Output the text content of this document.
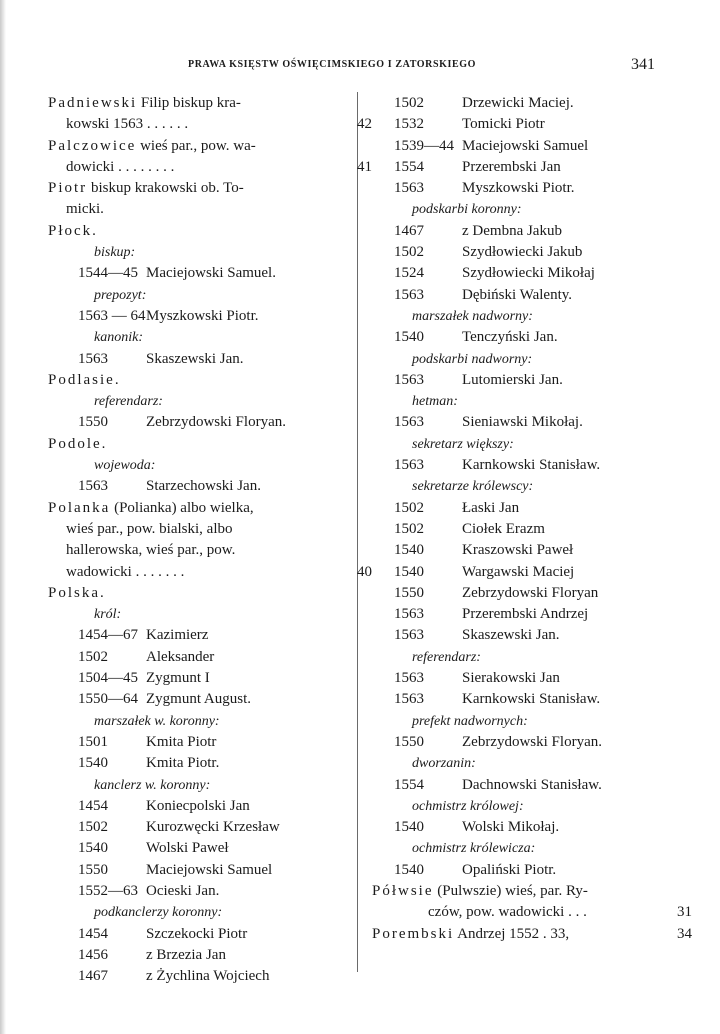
PRAWA KSIĘSTW OŚWIĘCIMSKIEGO I ZATORSKIEGO	341
Padniewski Filip biskup kra-
kowski 1563 . . . . . .	42
Palczowice wieś par., pow. wa-
dowicki . . . . . . . .	41
Piotr biskup krakowski ob. To-
micki.
Płock.
biskup:
1544—45 Maciejowski Samuel.
prepozyt:
1563 — 64Myszkowski Piotr.
kanonik:
1563	Skaszewski Jan.
Podlasie.
referendarz:
1550	Zebrzydowski Floryan.
Podole.
wojewoda:
1563	Starzechowski Jan.
Polanka (Polianka) albo wielka,
wieś par., pow. bialski, albo
hallerowska, wieś par., pow.
wadowicki . . . . . . .	40
Polska.
król:
1454—67 Kazimierz
1502	Aleksander
1504—45 Zygmunt I
1550—64 Zygmunt August.
marszałek w. koronny:
1501	Kmita Piotr
1540	Kmita Piotr.
kanclerz w. koronny:
1454	Koniecpolski Jan
1502	Kurozwęcki Krzesław
1540	Wolski Paweł
1550	Maciejowski Samuel
1552—63 Ocieski Jan.
podkanclerzy koronny:
1454	Szczekocki Piotr
1456	z Brzezia Jan
1467	z Żychlina Wojciech
1502	Drzewicki Maciej.
1532	Tomicki Piotr
1539—44 Maciejowski Samuel
1554	Przerembski Jan
1563	Myszkowski Piotr.
podskarbi koronny:
1467	z Dembna Jakub
1502	Szydłowiecki Jakub
1524	Szydłowiecki Mikołaj
1563	Dębiński Walenty.
marszałek nadworny:
1540	Tenczyński Jan.
podskarbi nadworny:
1563	Lutomierski Jan.
hetman:
1563	Sieniawski Mikołaj.
sekretarz większy:
1563	Karnkowski Stanisław.
sekretarze królewscy:
1502	Łaski Jan
1502	Ciołek Erazm
1540	Kraszowski Paweł
1540	Wargawski Maciej
1550	Zebrzydowski Floryan
1563	Przerembski Andrzej
1563	Skaszewski Jan.
referendarz:
1563	Sierakowski Jan
1563	Karnkowski Stanisław.
prefekt nadwornych:
1550	Zebrzydowski Floryan.
dworzanin:
1554	Dachnowski Stanisław.
ochmistrz królowej:
1540	Wolski Mikołaj.
ochmistrz królewicza:
1540	Opaliński Piotr.
Półwsie (Pulwszie) wieś, par. Ry-
czów, pow. wadowicki . . .	31
Porembski Andrzej 1552 . 33,	34
